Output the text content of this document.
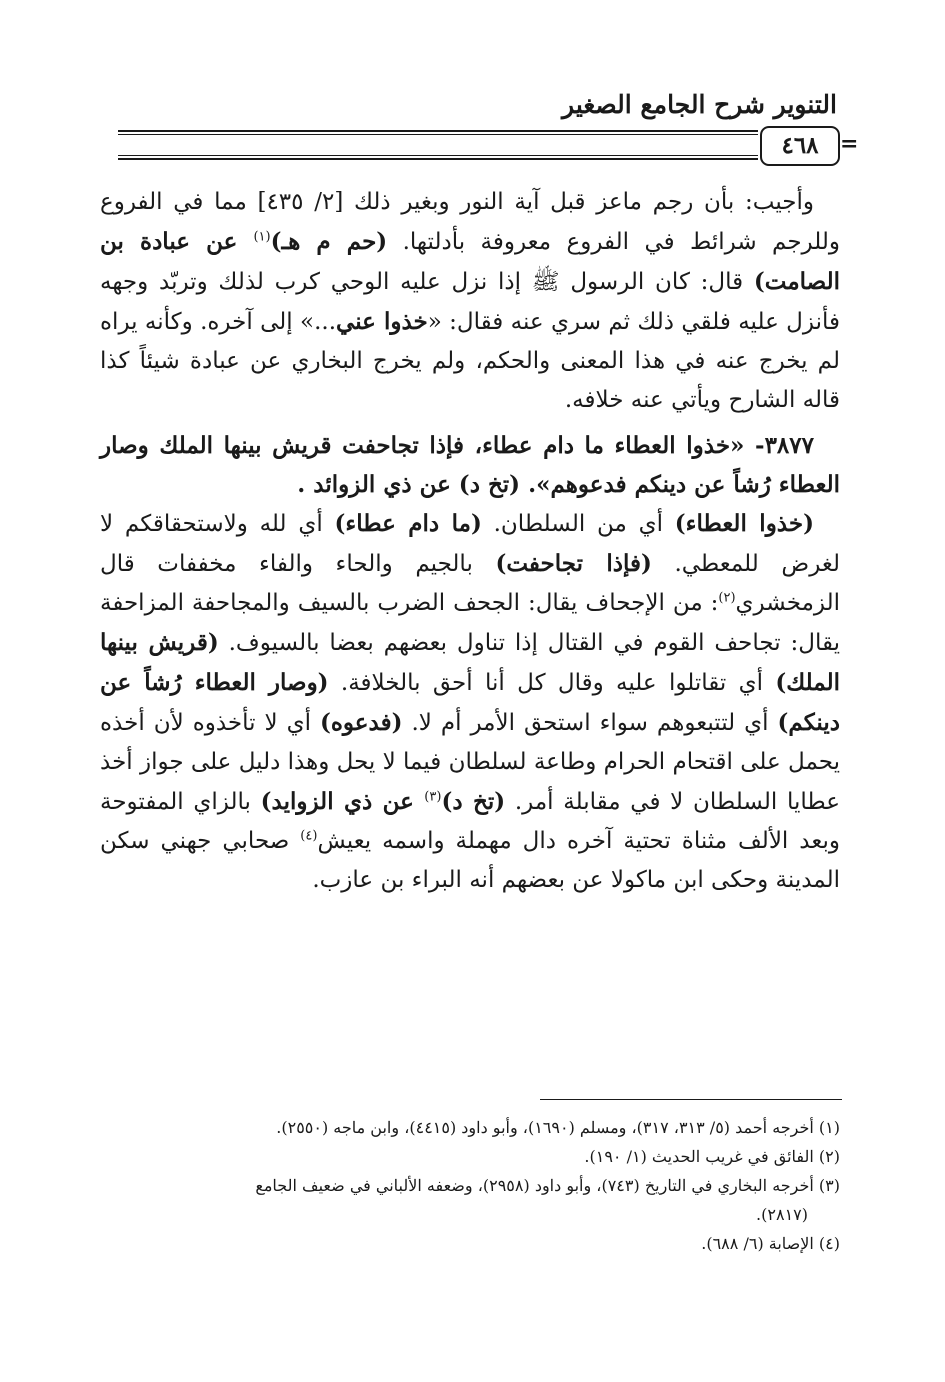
التنوير شرح الجامع الصغير
٤٦٨ =

وأجيب: بأن رجم ماعز قبل آية النور وبغير ذلك [٢/ ٤٣٥] مما في الفروع وللرجم شرائط في الفروع معروفة بأدلتها. (حم م هـ)$^{(١)}$ عن عبادة بن الصامت) قال: كان الرسول ﷺ إذا نزل عليه الوحي كرب لذلك وتربّد وجهه فأنزل عليه فلقي ذلك ثم سري عنه فقال: «خذوا عني...» إلى آخره. وكأنه يراه لم يخرج عنه في هذا المعنى والحكم، ولم يخرج البخاري عن عبادة شيئاً كذا قاله الشارح ويأتي عنه خلافه.

٣٨٧٧- «خذوا العطاء ما دام عطاء، فإذا تجاحفت قريش بينها الملك وصار العطاء رُشاً عن دينكم فدعوهم». (تخ د) عن ذي الزوائد .

(خذوا العطاء) أي من السلطان. (ما دام عطاء) أي لله ولاستحقاقكم لا لغرض للمعطي. (فإذا تجاحفت) بالجيم والحاء والفاء مخففات قال الزمخشري$^{(٢)}$: من الإجحاف يقال: الجحف الضرب بالسيف والمجاحفة المزاحفة يقال: تجاحف القوم في القتال إذا تناول بعضهم بعضا بالسيوف. (قريش بينها الملك) أي تقاتلوا عليه وقال كل أنا أحق بالخلافة. (وصار العطاء رُشاً عن دينكم) أي لتتبعوهم سواء استحق الأمر أم لا. (فدعوه) أي لا تأخذوه لأن أخذه يحمل على اقتحام الحرام وطاعة لسلطان فيما لا يحل وهذا دليل على جواز أخذ عطايا السلطان لا في مقابلة أمر. (تخ د)$^{(٣)}$ عن ذي الزوايد) بالزاي المفتوحة وبعد الألف مثناة تحتية آخره دال مهملة واسمه يعيش$^{(٤)}$ صحابي جهني سكن المدينة وحكى ابن ماكولا عن بعضهم أنه البراء بن عازب.

(١) أخرجه أحمد (٥/ ٣١٣، ٣١٧)، ومسلم (١٦٩٠)، وأبو داود (٤٤١٥)، وابن ماجه (٢٥٥٠).

(٢) الفائق في غريب الحديث (١/ ١٩٠).

(٣) أخرجه البخاري في التاريخ (٧٤٣)، وأبو داود (٢٩٥٨)، وضعفه الألباني في ضعيف الجامع

(٢٨١٧).

(٤) الإصابة (٦/ ٦٨٨).
